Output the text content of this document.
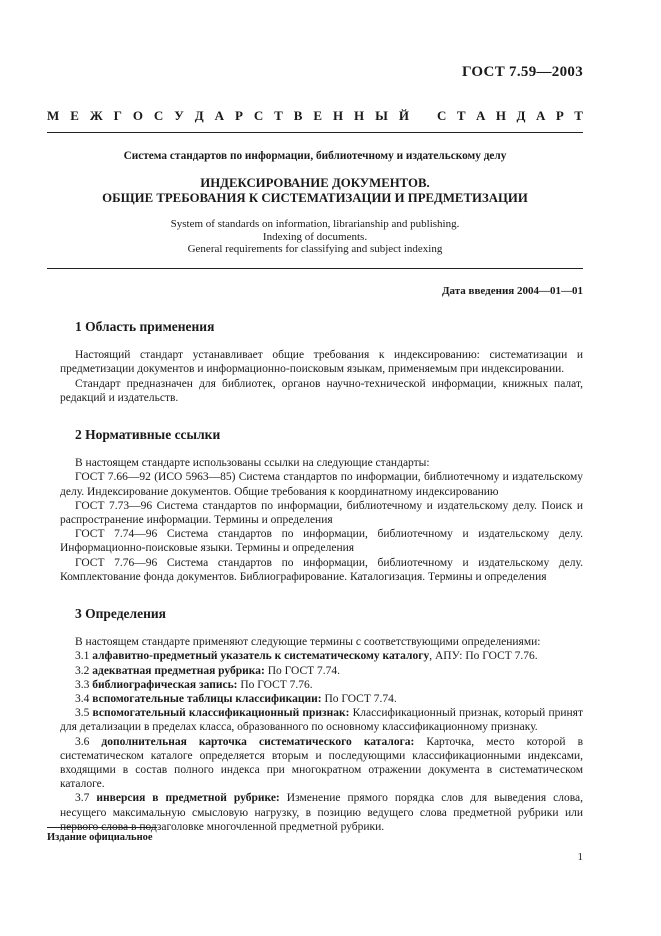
ГОСТ 7.59—2003
М Е Ж Г О С У Д А Р С Т В Е Н Н Ы Й С Т А Н Д А Р Т
Система стандартов по информации, библиотечному и издательскому делу
ИНДЕКСИРОВАНИЕ ДОКУМЕНТОВ.
ОБЩИЕ ТРЕБОВАНИЯ К СИСТЕМАТИЗАЦИИ И ПРЕДМЕТИЗАЦИИ
System of standards on information, librarianship and publishing.
Indexing of documents.
General requirements for classifying and subject indexing
Дата введения 2004—01—01
1 Область применения

Настоящий стандарт устанавливает общие требования к индексированию: систематизации и предметизации документов и информационно-поисковым языкам, применяемым при индексировании.

Стандарт предназначен для библиотек, органов научно-технической информации, книжных палат, редакций и издательств.

2 Нормативные ссылки

В настоящем стандарте использованы ссылки на следующие стандарты:

ГОСТ 7.66—92 (ИСО 5963—85) Система стандартов по информации, библиотечному и издательскому делу. Индексирование документов. Общие требования к координатному индексированию

ГОСТ 7.73—96 Система стандартов по информации, библиотечному и издательскому делу. Поиск и распространение информации. Термины и определения

ГОСТ 7.74—96 Система стандартов по информации, библиотечному и издательскому делу. Информационно-поисковые языки. Термины и определения

ГОСТ 7.76—96 Система стандартов по информации, библиотечному и издательскому делу. Комплектование фонда документов. Библиографирование. Каталогизация. Термины и определения

3 Определения

В настоящем стандарте применяют следующие термины с соответствующими определениями:

3.1 алфавитно-предметный указатель к систематическому каталогу, АПУ: По ГОСТ 7.76.

3.2 адекватная предметная рубрика: По ГОСТ 7.74.

3.3 библиографическая запись: По ГОСТ 7.76.

3.4 вспомогательные таблицы классификации: По ГОСТ 7.74.

3.5 вспомогательный классификационный признак: Классификационный признак, который принят для детализации в пределах класса, образованного по основному классификационному признаку.

3.6 дополнительная карточка систематического каталога: Карточка, место которой в систематическом каталоге определяется вторым и последующими классификационными индексами, входящими в состав полного индекса при многократном отражении документа в систематическом каталоге.

3.7 инверсия в предметной рубрике: Изменение прямого порядка слов для выведения слова, несущего максимальную смысловую нагрузку, в позицию ведущего слова предметной рубрики или первого слова в подзаголовке многочленной предметной рубрики.

Издание официальное
1
